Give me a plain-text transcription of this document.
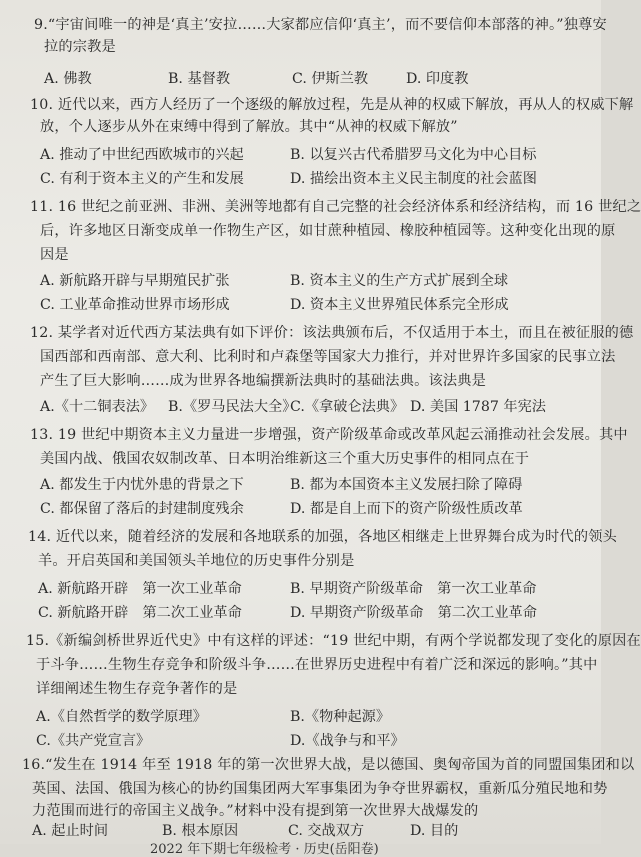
9.“宇宙间唯一的神是‘真主’安拉……大家都应信仰‘真主’，而不要信仰本部落的神。”独尊安
拉的宗教是
A. 佛教	B. 基督教	C. 伊斯兰教	D. 印度教
10. 近代以来，西方人经历了一个逐级的解放过程，先是从神的权威下解放，再从人的权威下解
放，个人逐步从外在束缚中得到了解放。其中“从神的权威下解放”
A. 推动了中世纪西欧城市的兴起	B. 以复兴古代希腊罗马文化为中心目标
C. 有利于资本主义的产生和发展	D. 描绘出资本主义民主制度的社会蓝图
11. 16 世纪之前亚洲、非洲、美洲等地都有自己完整的社会经济体系和经济结构，而 16 世纪之
后，许多地区日渐变成单一作物生产区，如甘蔗种植园、橡胶种植园等。这种变化出现的原
因是
A. 新航路开辟与早期殖民扩张	B. 资本主义的生产方式扩展到全球
C. 工业革命推动世界市场形成	D. 资本主义世界殖民体系完全形成
12. 某学者对近代西方某法典有如下评价：该法典颁布后，不仅适用于本土，而且在被征服的德
国西部和西南部、意大利、比利时和卢森堡等国家大力推行，并对世界许多国家的民事立法
产生了巨大影响……成为世界各地编撰新法典时的基础法典。该法典是
A.《十二铜表法》 B.《罗马民法大全》
C.《拿破仑法典》 D. 美国 1787 年宪法
13. 19 世纪中期资本主义力量进一步增强，资产阶级革命或改革风起云涌推动社会发展。其中
美国内战、俄国农奴制改革、日本明治维新这三个重大历史事件的相同点在于
A. 都发生于内忧外患的背景之下	B. 都为本国资本主义发展扫除了障碍
C. 都保留了落后的封建制度残余	D. 都是自上而下的资产阶级性质改革
14. 近代以来，随着经济的发展和各地联系的加强，各地区相继走上世界舞台成为时代的领头
羊。开启英国和美国领头羊地位的历史事件分别是
A. 新航路开辟　第一次工业革命	B. 早期资产阶级革命　第一次工业革命
C. 新航路开辟　第二次工业革命	D. 早期资产阶级革命　第二次工业革命
15.《新编剑桥世界近代史》中有这样的评述：“19 世纪中期，有两个学说都发现了变化的原因在
于斗争……生物生存竞争和阶级斗争……在世界历史进程中有着广泛和深远的影响。”其中
详细阐述生物生存竞争著作的是
A.《自然哲学的数学原理》	B.《物种起源》
C.《共产党宣言》	D.《战争与和平》
16.“发生在 1914 年至 1918 年的第一次世界大战，是以德国、奥匈帝国为首的同盟国集团和以
英国、法国、俄国为核心的协约国集团两大军事集团为争夺世界霸权，重新瓜分殖民地和势
力范围而进行的帝国主义战争。”材料中没有提到第一次世界大战爆发的
A. 起止时间	B. 根本原因	C. 交战双方	D. 目的
2022 年下期七年级检考 · 历史(岳阳卷)
